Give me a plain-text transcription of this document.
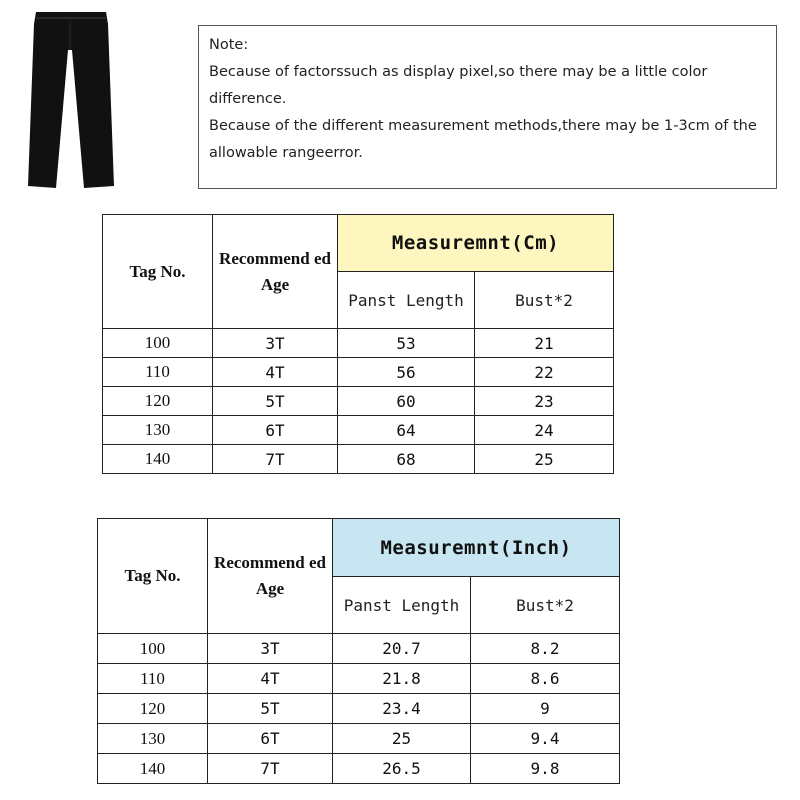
Note:

Because of factorssuch as display pixel,so there may be a little color difference.

Because of the different measurement methods,there may be 1-3cm of the allowable rangeerror.

Tag No.	Recommend ed Age	Measuremnt(Cm)	
		Panst Length	Bust*2
100	3T	53	21
110	4T	56	22
120	5T	60	23
130	6T	64	24
140	7T	68	25
Tag No.	Recommend ed Age	Measuremnt(Inch)	
		Panst Length	Bust*2
100	3T	20.7	8.2
110	4T	21.8	8.6
120	5T	23.4	9
130	6T	25	9.4
140	7T	26.5	9.8
